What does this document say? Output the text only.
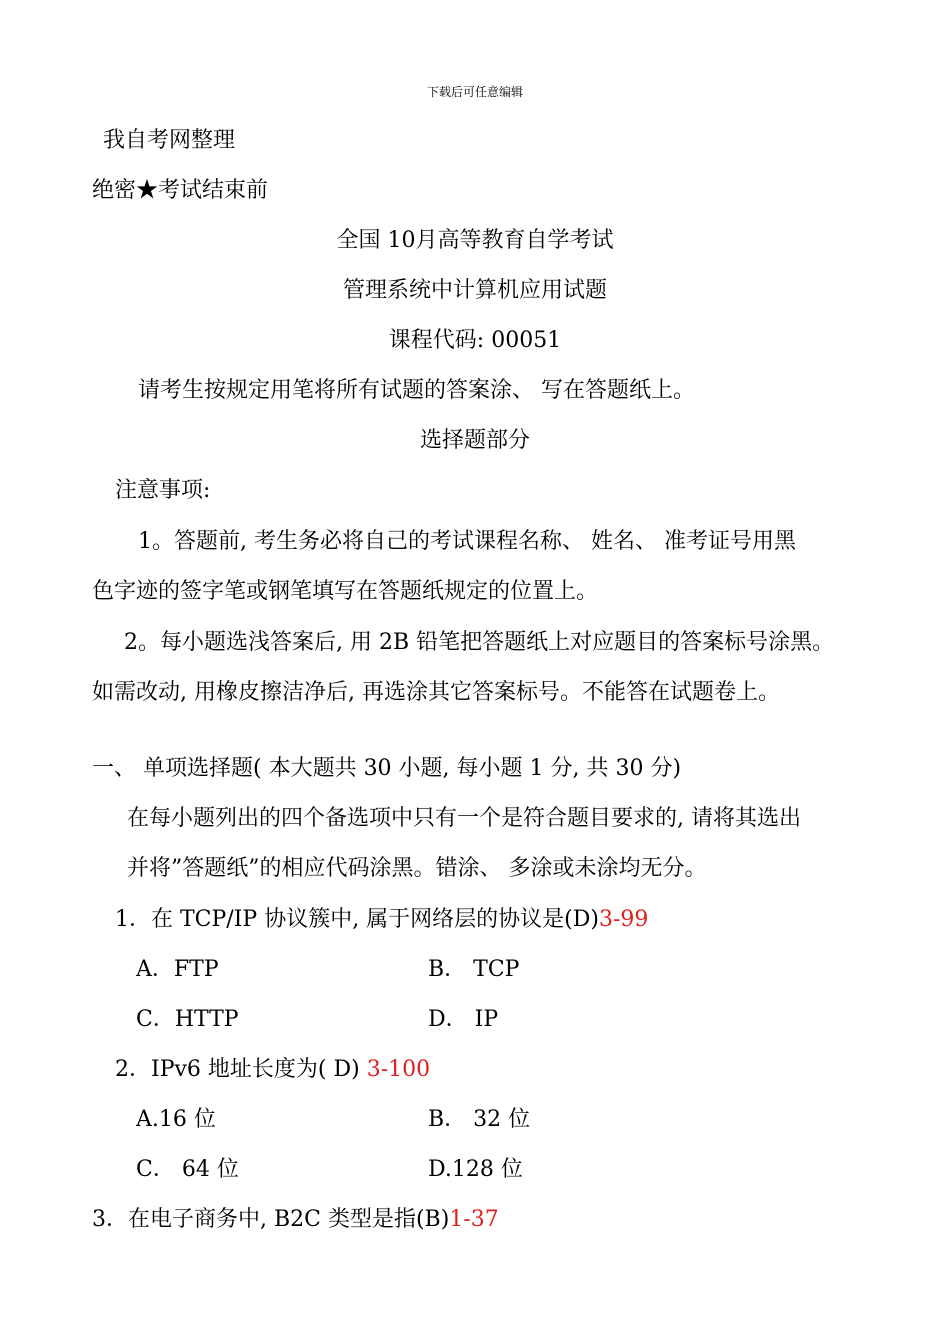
下载后可任意编辑
我自考网整理
绝密★考试结束前
全国 10月高等教育自学考试
管理系统中计算机应用试题
课程代码: 00051
请考生按规定用笔将所有试题的答案涂、 写在答题纸上。
选择题部分
注意事项:
1。答题前, 考生务必将自己的考试课程名称、 姓名、 准考证号用黑
色字迹的签字笔或钢笔填写在答题纸规定的位置上。
2。每小题选浅答案后, 用 2B 铅笔把答题纸上对应题目的答案标号涂黑。
如需改动, 用橡皮擦洁净后, 再选涂其它答案标号。不能答在试题卷上。
一、 单项选择题( 本大题共 30 小题, 每小题 1 分, 共 30 分)
在每小题列出的四个备选项中只有一个是符合题目要求的, 请将其选出
并将”答题纸”的相应代码涂黑。错涂、 多涂或未涂均无分。
1．在 TCP/IP 协议簇中, 属于网络层的协议是(D)3-99
A．FTP	B． TCP
C．HTTP	D． IP
2．IPv6 地址长度为( D) 3-100
A.16 位	B． 32 位
C． 64 位	D.128 位
3．在电子商务中, B2C 类型是指(B)1-37
